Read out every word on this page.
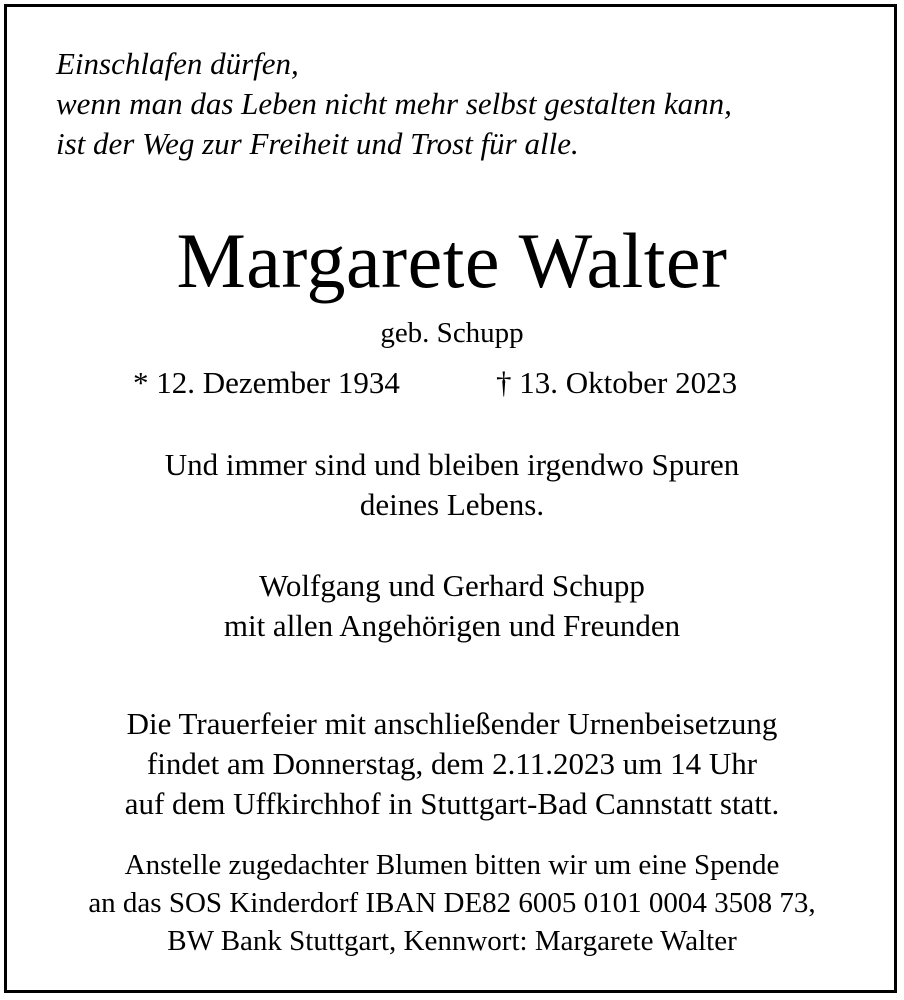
Einschlafen dürfen,
wenn man das Leben nicht mehr selbst gestalten kann,
ist der Weg zur Freiheit und Trost für alle.
Margarete Walter
geb. Schupp
* 12. Dezember 1934	† 13. Oktober 2023
Und immer sind und bleiben irgendwo Spuren
deines Lebens.
Wolfgang und Gerhard Schupp
mit allen Angehörigen und Freunden
Die Trauerfeier mit anschließender Urnenbeisetzung
findet am Donnerstag, dem 2.11.2023 um 14 Uhr
auf dem Uffkirchhof in Stuttgart-Bad Cannstatt statt.
Anstelle zugedachter Blumen bitten wir um eine Spende
an das SOS Kinderdorf IBAN DE82 6005 0101 0004 3508 73,
BW Bank Stuttgart, Kennwort: Margarete Walter
